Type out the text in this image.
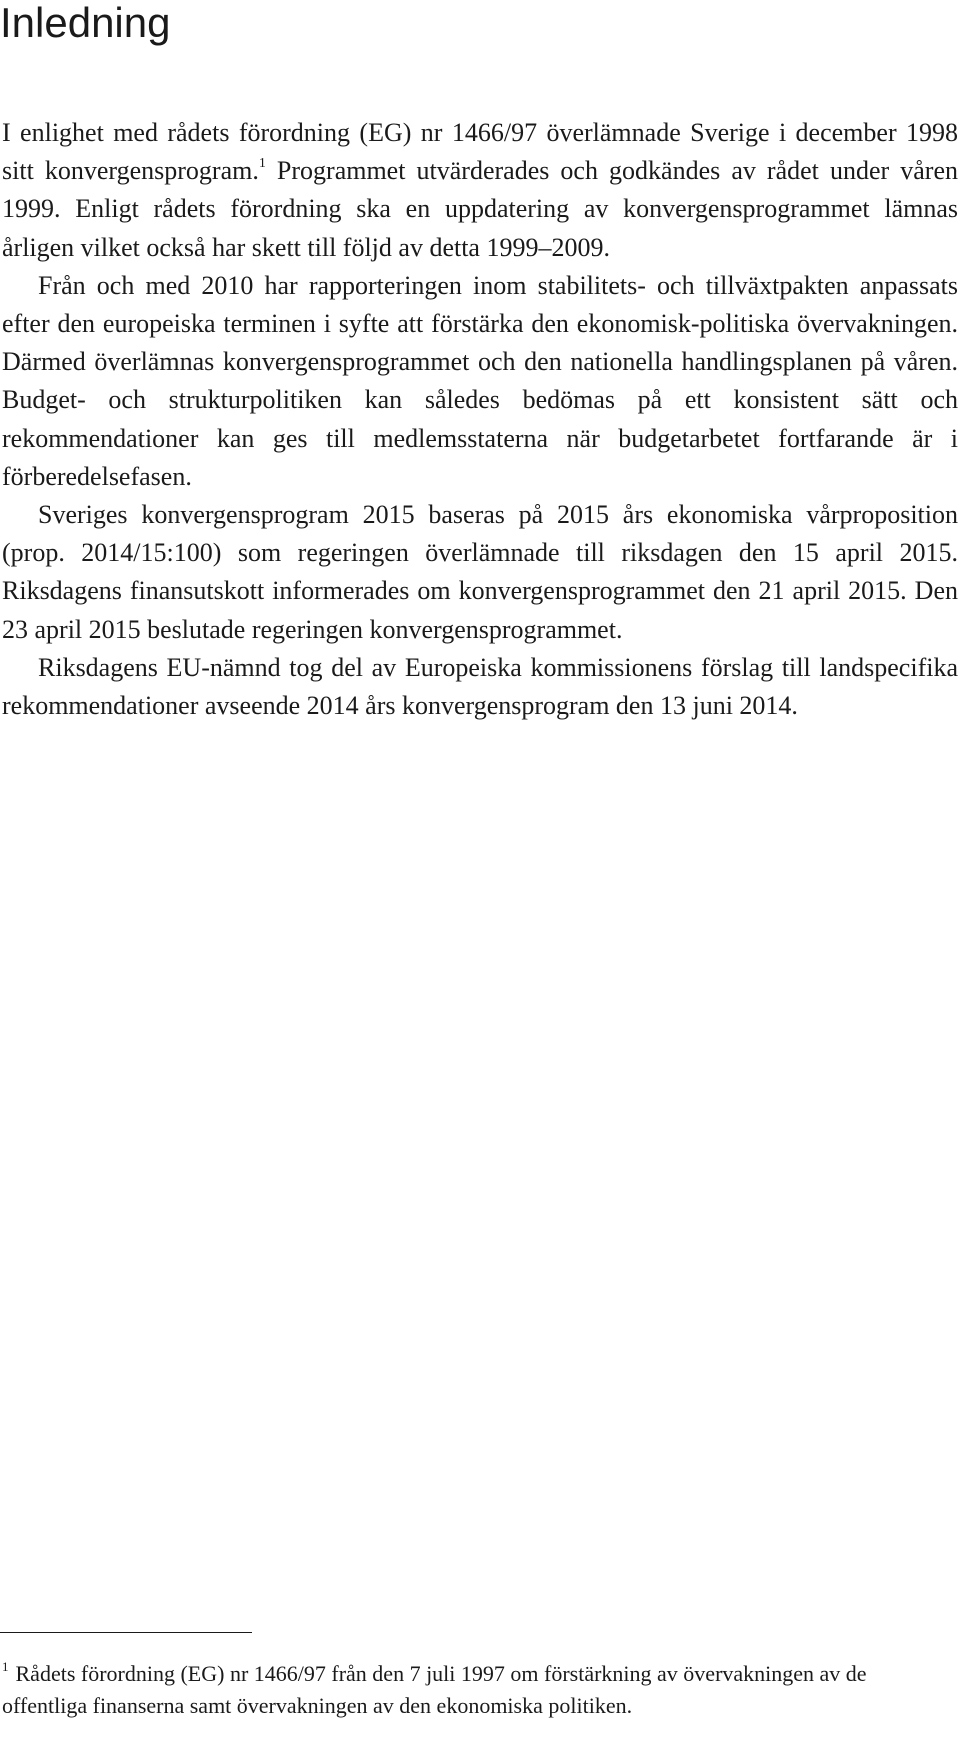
Inledning

I enlighet med rådets förordning (EG) nr 1466/97 överlämnade Sverige i december 1998 sitt konvergensprogram.$^1$ Programmet utvärderades och godkändes av rådet under våren 1999. Enligt rådets förordning ska en uppdatering av konvergensprogrammet lämnas årligen vilket också har skett till följd av detta 1999–2009.

Från och med 2010 har rapporteringen inom stabilitets- och tillväxtpakten anpassats efter den europeiska terminen i syfte att förstärka den ekonomisk-politiska övervakningen. Därmed överlämnas konvergensprogrammet och den nationella handlingsplanen på våren. Budget- och strukturpolitiken kan således bedömas på ett konsistent sätt och rekommendationer kan ges till medlemsstaterna när budgetarbetet fortfarande är i förberedelsefasen.

Sveriges konvergensprogram 2015 baseras på 2015 års ekonomiska vårproposition (prop. 2014/15:100) som regeringen överlämnade till riksdagen den 15 april 2015. Riksdagens finansutskott informerades om konvergensprogrammet den 21 april 2015. Den 23 april 2015 beslutade regeringen konvergensprogrammet.

Riksdagens EU-nämnd tog del av Europeiska kommissionens förslag till landspecifika rekommendationer avseende 2014 års konvergensprogram den 13 juni 2014.

$^1$ Rådets förordning (EG) nr 1466/97 från den 7 juli 1997 om förstärkning av övervakningen av de offentliga finanserna samt övervakningen av den ekonomiska politiken.
